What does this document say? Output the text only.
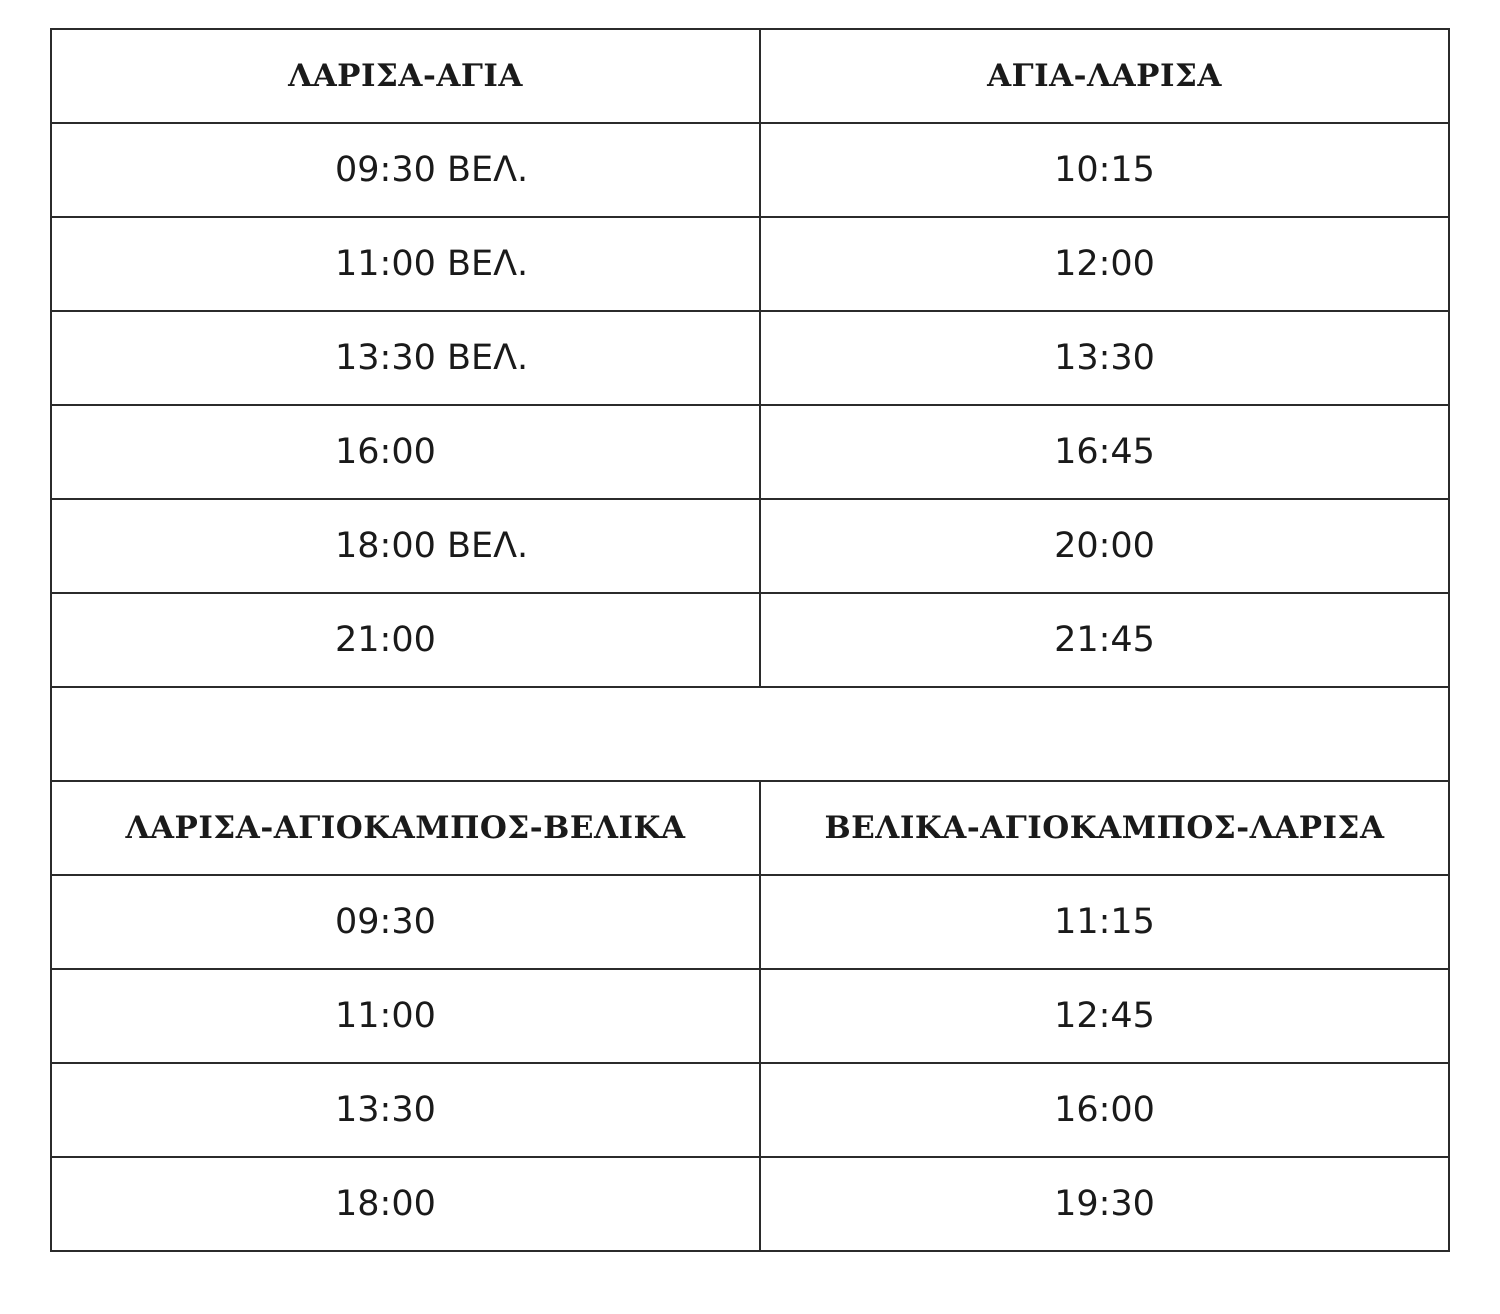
ΛΑΡΙΣΑ-ΑΓΙΑ	ΑΓΙΑ-ΛΑΡΙΣΑ
09:30 ΒΕΛ.	10:15
11:00 ΒΕΛ.	12:00
13:30 ΒΕΛ.	13:30
16:00	16:45
18:00 ΒΕΛ.	20:00
21:00	21:45

ΛΑΡΙΣΑ-ΑΓΙΟΚΑΜΠΟΣ-ΒΕΛΙΚΑ	ΒΕΛΙΚΑ-ΑΓΙΟΚΑΜΠΟΣ-ΛΑΡΙΣΑ
09:30	11:15
11:00	12:45
13:30	16:00
18:00	19:30
